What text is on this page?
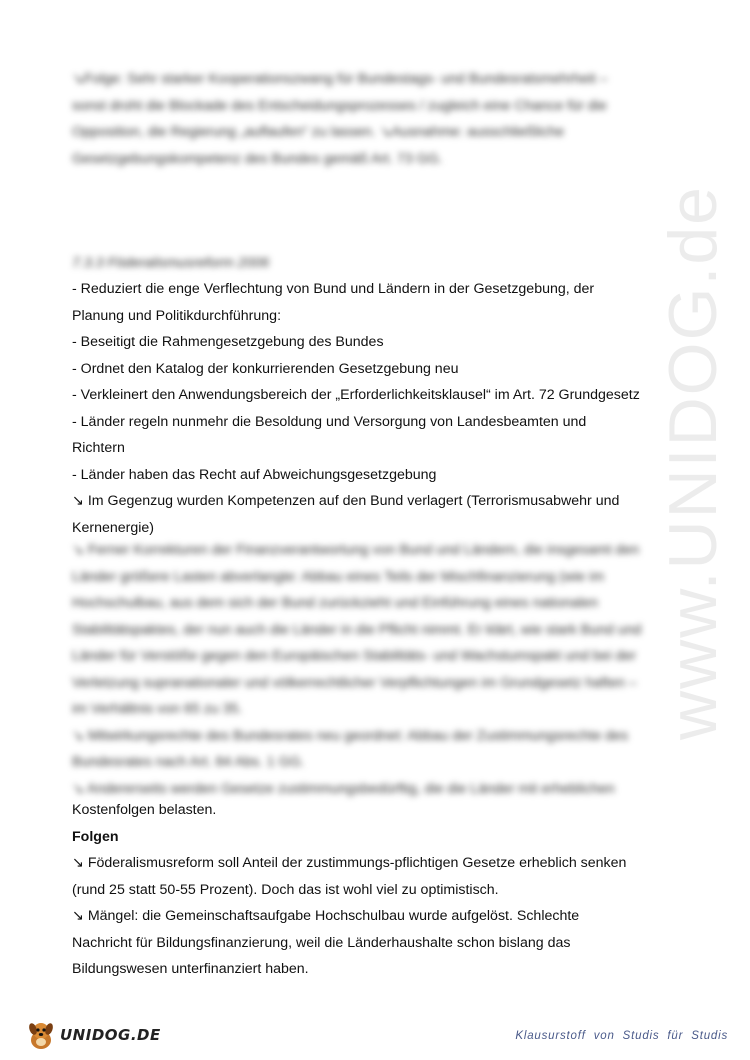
www.UNIDOG.de
↘Folge: Sehr starker Kooperationszwang für Bundestags- und Bundesratsmehrheit –
sonst droht die Blockade des Entscheidungsprozesses / zugleich eine Chance für die
Opposition, die Regierung „auflaufen“ zu lassen. ↘Ausnahme: ausschließliche
Gesetzgebungskompetenz des Bundes gemäß Art. 73 GG.
7.3.3 Föderalismusreform 2006
- Reduziert die enge Verflechtung von Bund und Ländern in der Gesetzgebung, der
Planung und Politikdurchführung:
- Beseitigt die Rahmengesetzgebung des Bundes
- Ordnet den Katalog der konkurrierenden Gesetzgebung neu
- Verkleinert den Anwendungsbereich der „Erforderlichkeitsklausel“ im Art. 72 Grundgesetz
- Länder regeln nunmehr die Besoldung und Versorgung von Landesbeamten und
Richtern
- Länder haben das Recht auf Abweichungsgesetzgebung
↘ Im Gegenzug wurden Kompetenzen auf den Bund verlagert (Terrorismusabwehr und
Kernenergie)
↘ Ferner Korrekturen der Finanzverantwortung von Bund und Ländern, die insgesamt den
Länder größere Lasten abverlangte: Abbau eines Teils der Mischfinanzierung (wie im
Hochschulbau, aus dem sich der Bund zurückzieht und Einführung eines nationalen
Stabilitätspaktes, der nun auch die Länder in die Pflicht nimmt. Er klärt, wie stark Bund und
Länder für Verstöße gegen den Europäischen Stabilitäts- und Wachstumspakt und bei der
Verletzung supranationaler und völkerrechtlicher Verpflichtungen im Grundgesetz haften –
im Verhältnis von 65 zu 35.
↘ Mitwirkungsrechte des Bundesrates neu geordnet: Abbau der Zustimmungsrechte des
Bundesrates nach Art. 84 Abs. 1 GG.
↘ Andererseits werden Gesetze zustimmungsbedürftig, die die Länder mit erheblichen
Kostenfolgen belasten.
Folgen
↘ Föderalismusreform soll Anteil der zustimmungs-pflichtigen Gesetze erheblich senken
(rund 25 statt 50-55 Prozent). Doch das ist wohl viel zu optimistisch.
↘ Mängel: die Gemeinschaftsaufgabe Hochschulbau wurde aufgelöst. Schlechte
Nachricht für Bildungsfinanzierung, weil die Länderhaushalte schon bislang das
Bildungswesen unterfinanziert haben.
UNIDOG.DE	Klausurstoff von Studis für Studis
